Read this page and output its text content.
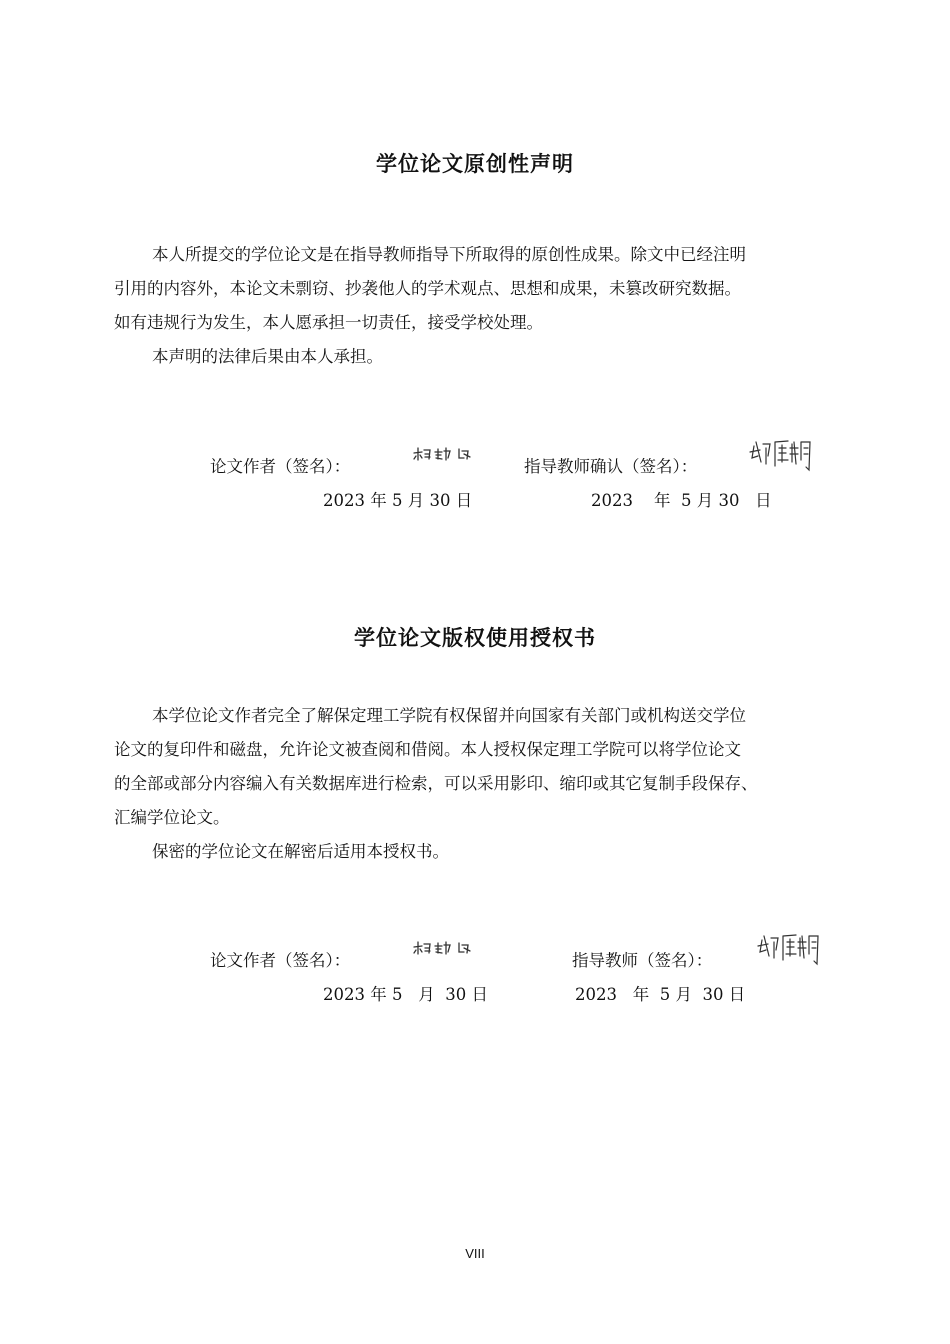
学位论文原创性声明
本人所提交的学位论文是在指导教师指导下所取得的原创性成果。除文中已经注明
引用的内容外，本论文未剽窃、抄袭他人的学术观点、思想和成果，未篡改研究数据。
如有违规行为发生，本人愿承担一切责任，接受学校处理。
本声明的法律后果由本人承担。
论文作者（签名）：	指导教师确认（签名）：
2023 年 5 月 30 日	2023    年  5 月 30   日
学位论文版权使用授权书
本学位论文作者完全了解保定理工学院有权保留并向国家有关部门或机构送交学位
论文的复印件和磁盘，允许论文被查阅和借阅。本人授权保定理工学院可以将学位论文
的全部或部分内容编入有关数据库进行检索，可以采用影印、缩印或其它复制手段保存、
汇编学位论文。
保密的学位论文在解密后适用本授权书。
论文作者（签名）：	指导教师（签名）：
2023 年 5   月  30 日	2023   年  5 月  30 日
VIII
